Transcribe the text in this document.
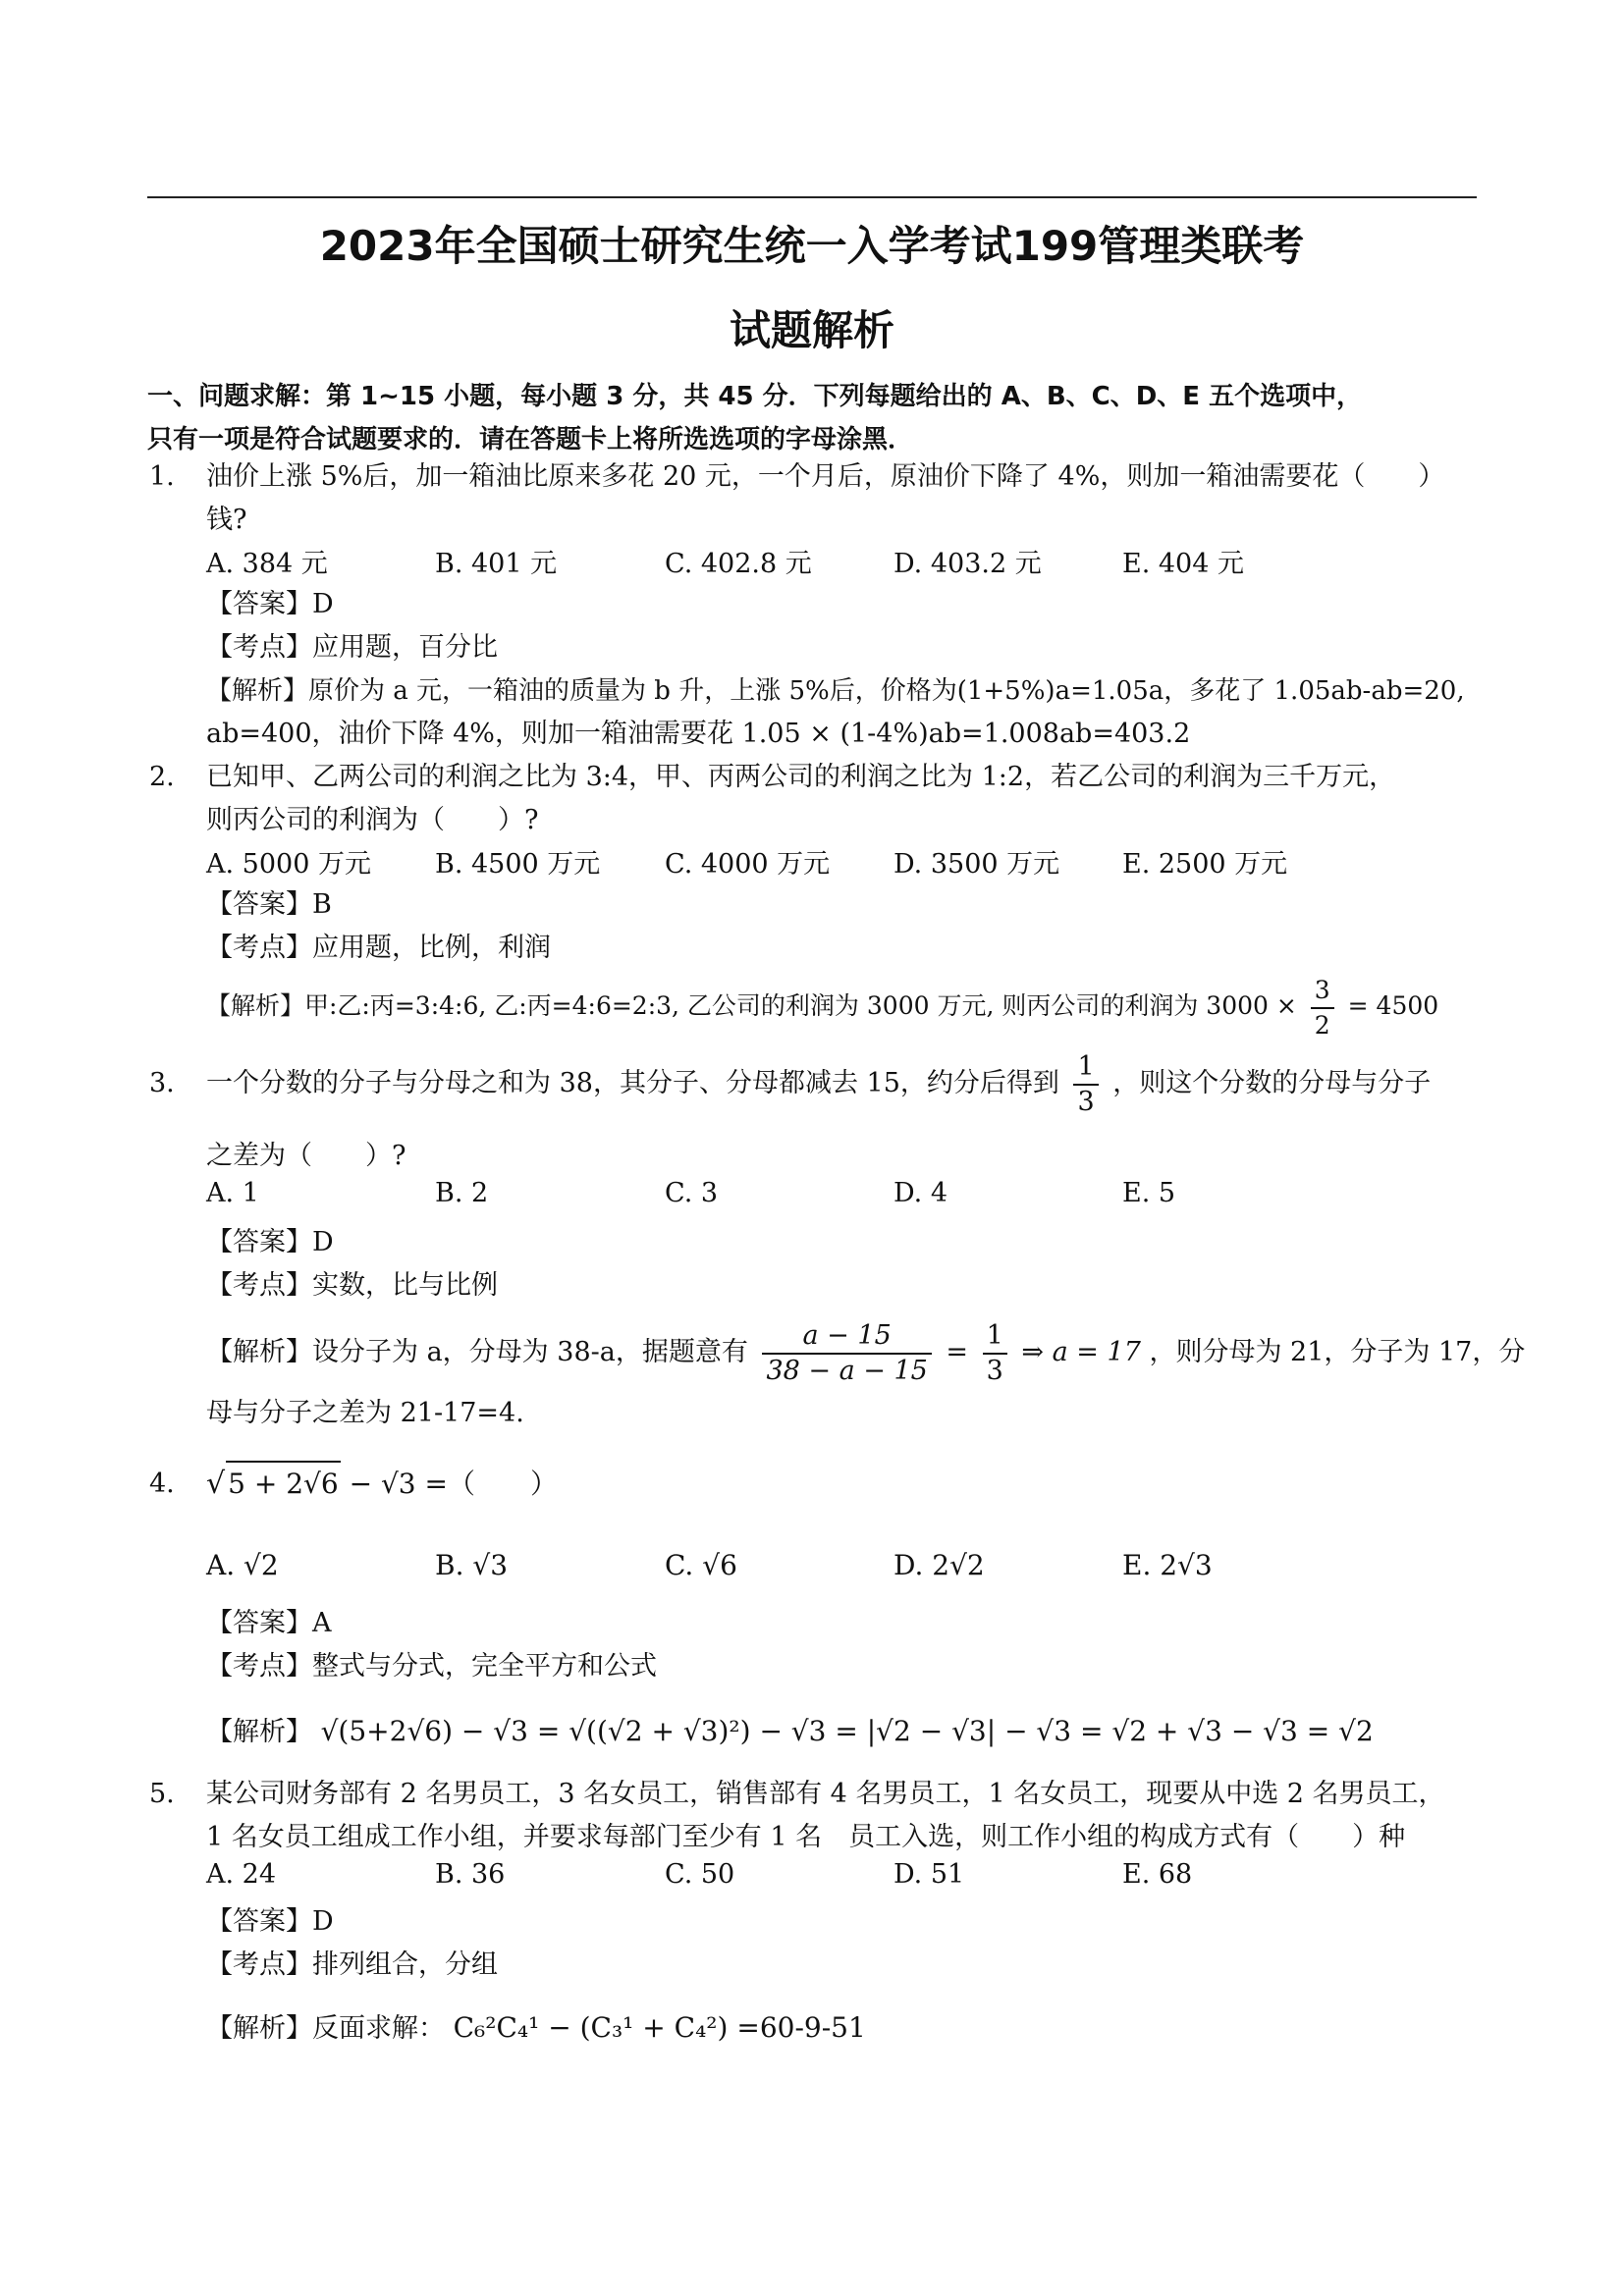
2023年全国硕士研究生统一入学考试199管理类联考
试题解析
一、问题求解：第 1~15 小题，每小题 3 分，共 45 分．下列每题给出的 A、B、C、D、E 五个选项中，
只有一项是符合试题要求的．请在答题卡上将所选选项的字母涂黑．
1. 油价上涨 5%后，加一箱油比原来多花 20 元，一个月后，原油价下降了 4%，则加一箱油需要花（　　）
钱?
A. 384 元	B. 401 元	C. 402.8 元	D. 403.2 元	E. 404 元
【答案】D
【考点】应用题，百分比
【解析】原价为 a 元，一箱油的质量为 b 升，上涨 5%后，价格为(1+5%)a=1.05a，多花了 1.05ab-ab=20,
ab=400，油价下降 4%，则加一箱油需要花 1.05 × (1-4%)ab=1.008ab=403.2
2. 已知甲、乙两公司的利润之比为 3:4，甲、丙两公司的利润之比为 1:2，若乙公司的利润为三千万元，
则丙公司的利润为（　　）?
A. 5000 万元 B. 4500 万元 C. 4000 万元 D. 3500 万元 E. 2500 万元
【答案】B
【考点】应用题，比例，利润
【解析】甲:乙:丙=3:4:6, 乙:丙=4:6=2:3, 乙公司的利润为 3000 万元, 则丙公司的利润为 $3000 \times \frac{3}{2} = 4500$
3. 一个分数的分子与分母之和为 38，其分子、分母都减去 15，约分后得到 $\frac{1}{3}$ ，则这个分数的分母与分子
之差为（　　）?
A. 1	B. 2	C. 3	D. 4	E. 5
【答案】D
【考点】实数，比与比例
【解析】设分子为 a，分母为 38-a，据题意有 $\frac{a - 15}{38 - a - 15} = \frac{1}{3}$ ⇒ a = 17 ，则分母为 21，分子为 17，分
母与分子之差为 21-17=4.
4. √ 5 + 2√6 − √3 =（　　）
A. √2	B. √3	C. √6	D. 2√2	E. 2√3
【答案】A
【考点】整式与分式，完全平方和公式
【解析】 √(5+2√6) − √3 = √((√2 + √3)²) − √3 = |√2 − √3| − √3 = √2 + √3 − √3 = √2
5. 某公司财务部有 2 名男员工，3 名女员工，销售部有 4 名男员工，1 名女员工，现要从中选 2 名男员工，
1 名女员工组成工作小组，并要求每部门至少有 1 名　员工入选，则工作小组的构成方式有（　　）种
A. 24	B. 36	C. 50	D. 51	E. 68
【答案】D
【考点】排列组合，分组
【解析】反面求解： C₆²C₄¹ − (C₃¹ + C₄²) =60-9-51
